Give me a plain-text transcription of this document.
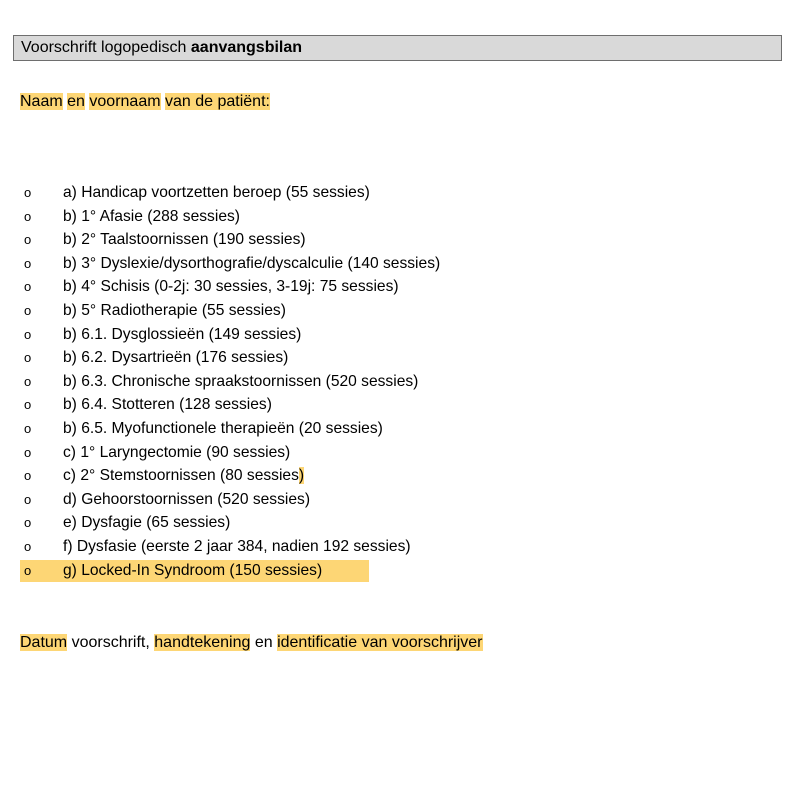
Voorschrift logopedisch aanvangsbilan
Naam en voornaam van de patiënt:
o a) Handicap voortzetten beroep (55 sessies)
o b) 1° Afasie (288 sessies)
o b) 2° Taalstoornissen (190 sessies)
o b) 3° Dyslexie/dysorthografie/dyscalculie (140 sessies)
o b) 4° Schisis (0-2j: 30 sessies, 3-19j: 75 sessies)
o b) 5° Radiotherapie (55 sessies)
o b) 6.1. Dysglossieën (149 sessies)
o b) 6.2. Dysartrieën (176 sessies)
o b) 6.3. Chronische spraakstoornissen (520 sessies)
o b) 6.4. Stotteren (128 sessies)
o b) 6.5. Myofunctionele therapieën (20 sessies)
o c) 1° Laryngectomie (90 sessies)
o c) 2° Stemstoornissen (80 sessies)
o d) Gehoorstoornissen (520 sessies)
o e) Dysfagie (65 sessies)
o f) Dysfasie (eerste 2 jaar 384, nadien 192 sessies)
o g) Locked-In Syndroom (150 sessies)
Datum voorschrift, handtekening en identificatie van voorschrijver
